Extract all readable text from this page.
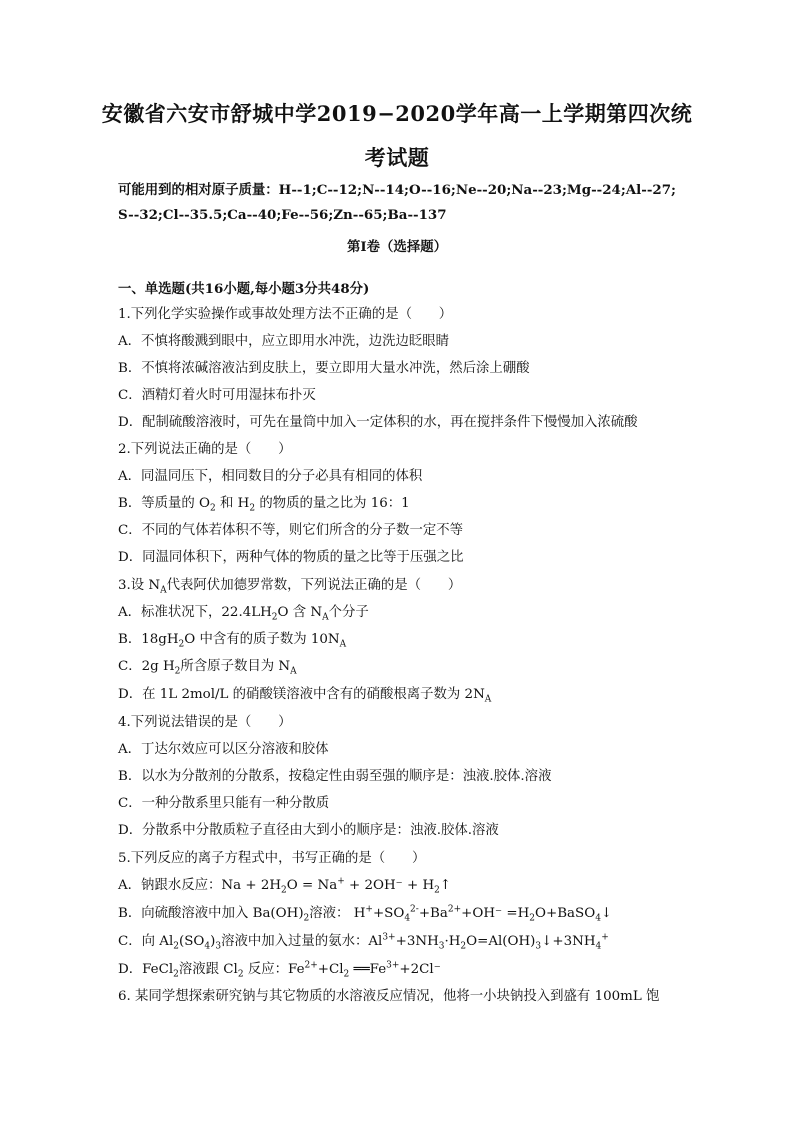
安徽省六安市舒城中学2019−2020学年高一上学期第四次统
考试题
可能用到的相对原子质量：H--1;C--12;N--14;O--16;Ne--20;Na--23;Mg--24;Al--27;
S--32;Cl--35.5;Ca--40;Fe--56;Zn--65;Ba--137
第Ⅰ卷（选择题）
一、单选题(共16小题,每小题3分共48分)
1.下列化学实验操作或事故处理方法不正确的是（　　）
A．不慎将酸溅到眼中，应立即用水冲洗，边洗边眨眼睛
B．不慎将浓碱溶液沾到皮肤上，要立即用大量水冲洗，然后涂上硼酸
C．酒精灯着火时可用湿抹布扑灭
D．配制硫酸溶液时，可先在量筒中加入一定体积的水，再在搅拌条件下慢慢加入浓硫酸
2.下列说法正确的是（　　）
A．同温同压下，相同数目的分子必具有相同的体积
B．等质量的 $O_2$ 和 $H_2$ 的物质的量之比为 16：1
C．不同的气体若体积不等，则它们所含的分子数一定不等
D．同温同体积下，两种气体的物质的量之比等于压强之比
3.设 $N_A$代表阿伏加德罗常数，下列说法正确的是（　　）
A．标准状况下，$22.4LH_2O$ 含 $N_A$个分子
B．$18gH_2O$ 中含有的质子数为 $10N_A$
C．2g $H_2$所含原子数目为 $N_A$
D．在 1L 2mol/L 的硝酸镁溶液中含有的硝酸根离子数为 $2N_A$
4.下列说法错误的是（　　）
A．丁达尔效应可以区分溶液和胶体
B．以水为分散剂的分散系，按稳定性由弱至强的顺序是：浊液.胶体.溶液
C．一种分散系里只能有一种分散质
D．分散系中分散质粒子直径由大到小的顺序是：浊液.胶体.溶液
5.下列反应的离子方程式中，书写正确的是（　　）
A．钠跟水反应：$Na + 2H_2O = Na^+ + 2OH^-$ + $H_2↑$
B．向硫酸溶液中加入 $Ba(OH)_2$溶液： $H^++SO_4^{2-}+Ba^{2+}+OH^-$ $=H_2O+BaSO_4↓$
C．向 $Al_2(SO_4)_3$溶液中加入过量的氨水：$Al^{3+}+3NH_3\cdot H_2O=Al(OH)_3↓+3NH_4^+$
D．FeCl$_2$溶液跟 $Cl_2$ 反应：$Fe^{2+}+Cl_2$ $══Fe^{3+}+2Cl^-$
6. 某同学想探索研究钠与其它物质的水溶液反应情况，他将一小块钠投入到盛有 100mL 饱
